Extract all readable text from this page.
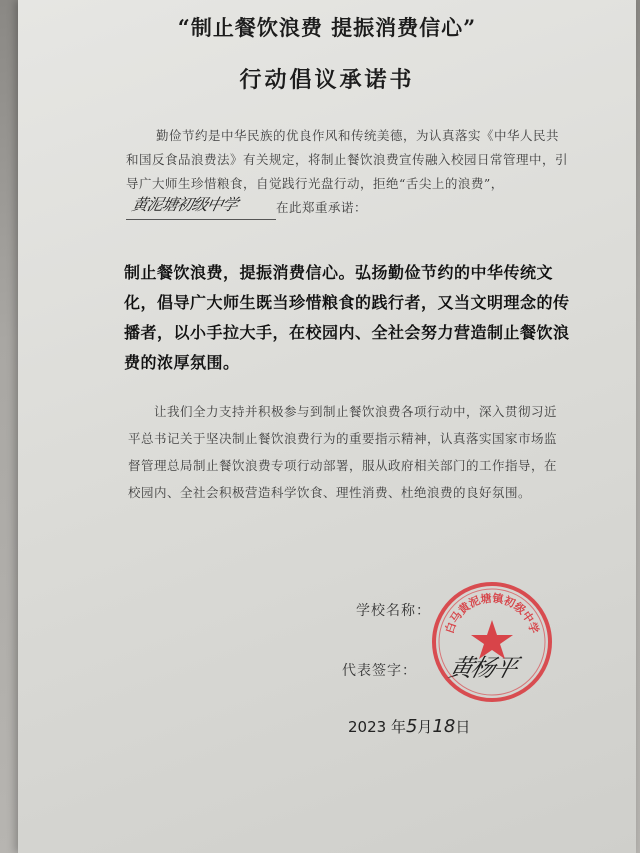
“制止餐饮浪费 提振消费信心”
行动倡议承诺书

勤俭节约是中华民族的优良作风和传统美德，为认真落实《中华人民共和国反食品浪费法》有关规定，将制止餐饮浪费宣传融入校园日常管理中，引导广大师生珍惜粮食，自觉践行光盘行动，拒绝“舌尖上的浪费”，
黄泥塘初级中学	在此郑重承诺：

制止餐饮浪费，提振消费信心。弘扬勤俭节约的中华传统文化，倡导广大师生既当珍惜粮食的践行者，又当文明理念的传播者，以小手拉大手，在校园内、全社会努力营造制止餐饮浪费的浓厚氛围。

让我们全力支持并积极参与到制止餐饮浪费各项行动中，深入贯彻习近平总书记关于坚决制止餐饮浪费行为的重要指示精神，认真落实国家市场监督管理总局制止餐饮浪费专项行动部署，服从政府相关部门的工作指导，在校园内、全社会积极营造科学饮食、理性消费、杜绝浪费的良好氛围。

学校名称：
代表签字： 黄杨平
2023 年5月18日
白马黄泥塘镇初级中学
